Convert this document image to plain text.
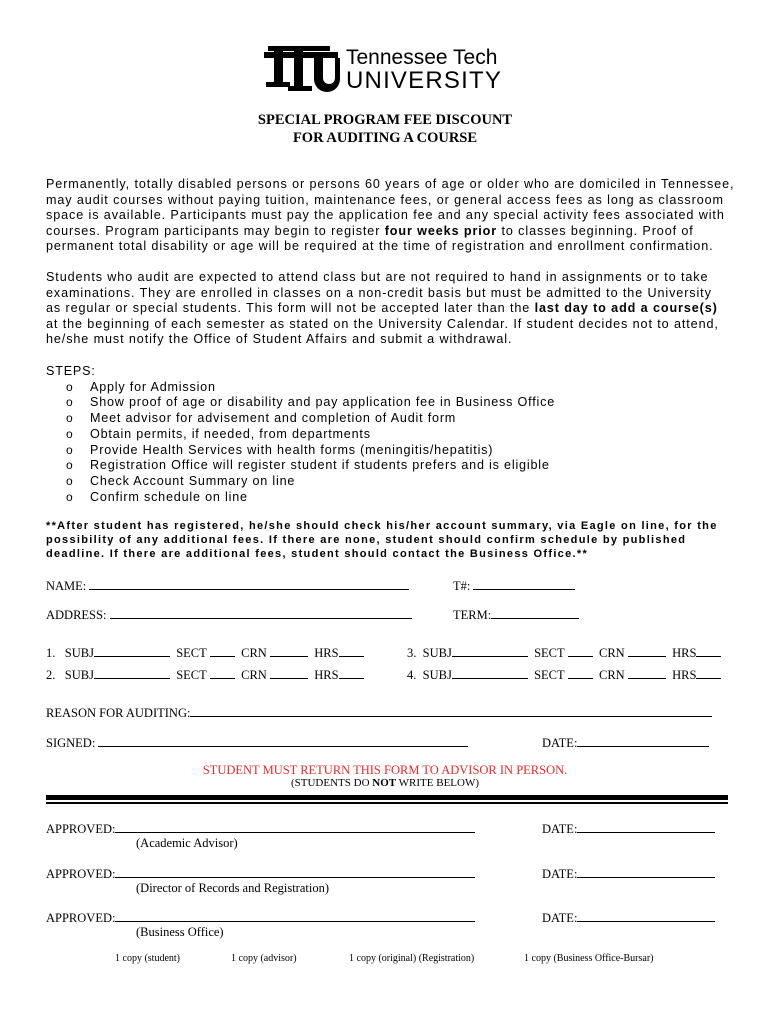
Tennessee Tech
UNIVERSITY
SPECIAL PROGRAM FEE DISCOUNT
FOR AUDITING A COURSE

Permanently, totally disabled persons or persons 60 years of age or older who are domiciled in Tennessee,

may audit courses without paying tuition, maintenance fees, or general access fees as long as classroom

space is available. Participants must pay the application fee and any special activity fees associated with

courses. Program participants may begin to register four weeks prior to classes beginning. Proof of

permanent total disability or age will be required at the time of registration and enrollment confirmation.

Students who audit are expected to attend class but are not required to hand in assignments or to take

examinations. They are enrolled in classes on a non-credit basis but must be admitted to the University

as regular or special students. This form will not be accepted later than the last day to add a course(s)

at the beginning of each semester as stated on the University Calendar. If student decides not to attend,

he/she must notify the Office of Student Affairs and submit a withdrawal.

STEPS:

o Apply for Admission
o Show proof of age or disability and pay application fee in Business Office
o Meet advisor for advisement and completion of Audit form
o Obtain permits, if needed, from departments
o Provide Health Services with health forms (meningitis/hepatitis)
o Registration Office will register student if students prefers and is eligible
o Check Account Summary on line
o Confirm schedule on line

**After student has registered, he/she should check his/her account summary, via Eagle on line, for the

possibility of any additional fees. If there are none, student should confirm schedule by published

deadline. If there are additional fees, student should contact the Business Office.**

NAME:	T#:
ADDRESS:	TERM:
1. SUBJ	SECT	CRN	HRS
2. SUBJ	SECT	CRN	HRS
3. SUBJ	SECT	CRN	HRS
4. SUBJ	SECT	CRN	HRS
REASON FOR AUDITING:
SIGNED:	DATE:
STUDENT MUST RETURN THIS FORM TO ADVISOR IN PERSON.
(STUDENTS DO NOT WRITE BELOW)
APPROVED:
(Academic Advisor)
DATE:
APPROVED:
(Director of Records and Registration)
DATE:
APPROVED:
(Business Office)
DATE:
1 copy (student)	1 copy (advisor)	1 copy (original) (Registration)	1 copy (Business Office-Bursar)
